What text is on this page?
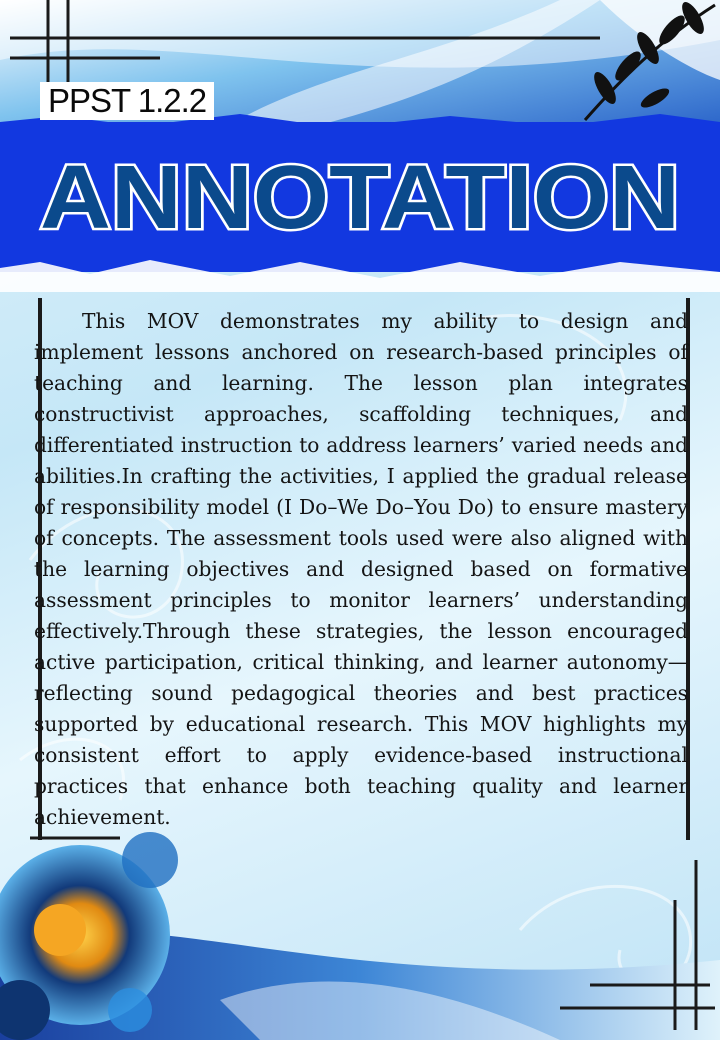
PPST 1.2.2
ANNOTATION

This MOV demonstrates my ability to design and implement lessons anchored on research-based principles of teaching and learning. The lesson plan integrates constructivist approaches, scaffolding techniques, and differentiated instruction to address learners’ varied needs and abilities.In crafting the activities, I applied the gradual release of responsibility model (I Do–We Do–You Do) to ensure mastery of concepts. The assessment tools used were also aligned with the learning objectives and designed based on formative assessment principles to monitor learners’ understanding effectively.Through these strategies, the lesson encouraged active participation, critical thinking, and learner autonomy—reflecting sound pedagogical theories and best practices supported by educational research. This MOV highlights my consistent effort to apply evidence-based instructional practices that enhance both teaching quality and learner achievement.
